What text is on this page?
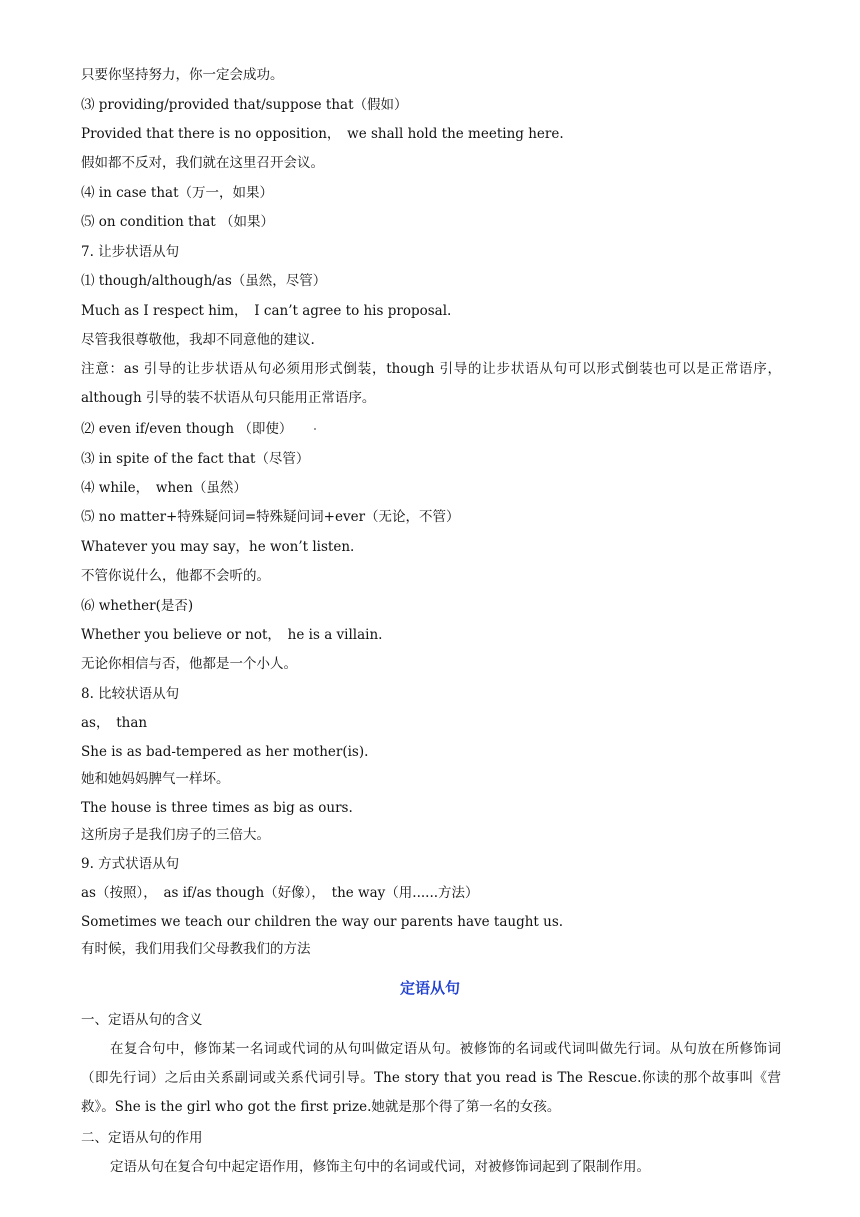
只要你坚持努力，你一定会成功。
⑶ providing/provided that/suppose that（假如）
Provided that there is no opposition，　we shall hold the meeting here.
假如都不反对，我们就在这里召开会议。
⑷ in case that（万一，如果）
⑸ on condition that （如果）
7. 让步状语从句
⑴ though/although/as（虽然，尽管）
Much as I respect him，　I can’t agree to his proposal.
尽管我很尊敬他，我却不同意他的建议.
注意：as 引导的让步状语从句必须用形式倒装，though 引导的让步状语从句可以形式倒装也可以是正常语序，although 引导的装不状语从句只能用正常语序。
⑵ even if/even though （即使）
⑶ in spite of the fact that（尽管）
⑷ while，　when（虽然）
⑸ no matter+特殊疑问词=特殊疑问词+ever（无论，不管）
Whatever you may say，he won’t listen.
不管你说什么，他都不会听的。
⑹ whether(是否)
Whether you believe or not，　he is a villain.
无论你相信与否，他都是一个小人。
8. 比较状语从句
as，　than
She is as bad-tempered as her mother(is).
她和她妈妈脾气一样坏。
The house is three times as big as ours.
这所房子是我们房子的三倍大。
9. 方式状语从句
as（按照），　as if/as though（好像），　the way（用......方法）
Sometimes we teach our children the way our parents have taught us.
有时候，我们用我们父母教我们的方法
定语从句
一、定语从句的含义
在复合句中，修饰某一名词或代词的从句叫做定语从句。被修饰的名词或代词叫做先行词。从句放在所修饰词（即先行词）之后由关系副词或关系代词引导。The story that you read is The Rescue.你读的那个故事叫《营救》。She is the girl who got the first prize.她就是那个得了第一名的女孩。
二、定语从句的作用
定语从句在复合句中起定语作用，修饰主句中的名词或代词，对被修饰词起到了限制作用。
